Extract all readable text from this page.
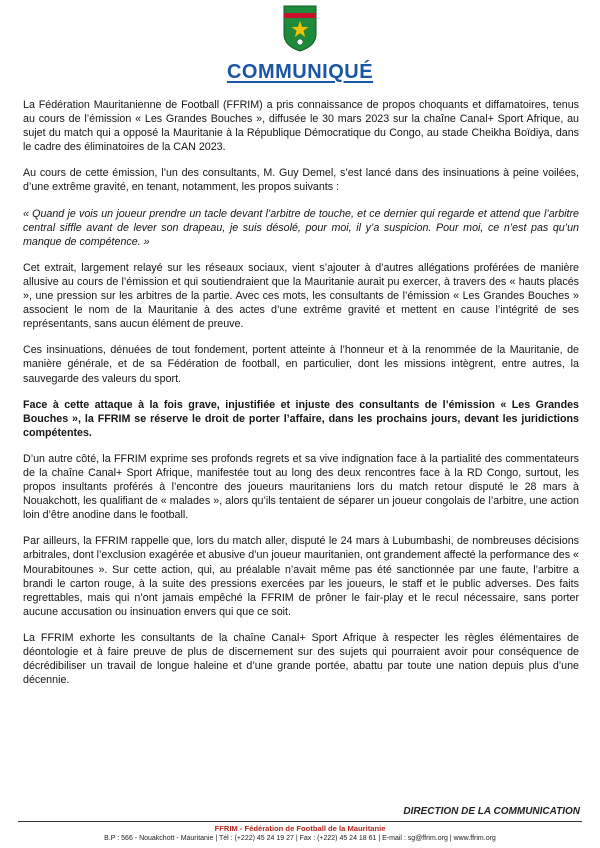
COMMUNIQUÉ

La Fédération Mauritanienne de Football (FFRIM) a pris connaissance de propos choquants et diffamatoires, tenus au cours de l’émission « Les Grandes Bouches », diffusée le 30 mars 2023 sur la chaîne Canal+ Sport Afrique, au sujet du match qui a opposé la Mauritanie à la République Démocratique du Congo, au stade Cheikha Boïdiya, dans le cadre des éliminatoires de la CAN 2023.

Au cours de cette émission, l’un des consultants, M. Guy Demel, s’est lancé dans des insinuations à peine voilées, d’une extrême gravité, en tenant, notamment, les propos suivants :

« Quand je vois un joueur prendre un tacle devant l’arbitre de touche, et ce dernier qui regarde et attend que l’arbitre central siffle avant de lever son drapeau, je suis désolé, pour moi, il y’a suspicion. Pour moi, ce n’est pas qu’un manque de compétence. »

Cet extrait, largement relayé sur les réseaux sociaux, vient s’ajouter à d’autres allégations proférées de manière allusive au cours de l’émission et qui soutiendraient que la Mauritanie aurait pu exercer, à travers des « hauts placés », une pression sur les arbitres de la partie. Avec ces mots, les consultants de l’émission « Les Grandes Bouches » associent le nom de la Mauritanie à des actes d’une extrême gravité et mettent en cause l’intégrité de ses représentants, sans aucun élément de preuve.

Ces insinuations, dénuées de tout fondement, portent atteinte à l’honneur et à la renommée de la Mauritanie, de manière générale, et de sa Fédération de football, en particulier, dont les missions intègrent, entre autres, la sauvegarde des valeurs du sport.

Face à cette attaque à la fois grave, injustifiée et injuste des consultants de l’émission « Les Grandes Bouches », la FFRIM se réserve le droit de porter l’affaire, dans les prochains jours, devant les juridictions compétentes.

D’un autre côté, la FFRIM exprime ses profonds regrets et sa vive indignation face à la partialité des commentateurs de la chaîne Canal+ Sport Afrique, manifestée tout au long des deux rencontres face à la RD Congo, surtout, les propos insultants proférés à l’encontre des joueurs mauritaniens lors du match retour disputé le 28 mars à Nouakchott, les qualifiant de « malades », alors qu’ils tentaient de séparer un joueur congolais de l’arbitre, une action loin d’être anodine dans le football.

Par ailleurs, la FFRIM rappelle que, lors du match aller, disputé le 24 mars à Lubumbashi, de nombreuses décisions arbitrales, dont l’exclusion exagérée et abusive d’un joueur mauritanien, ont grandement affecté la performance des « Mourabitounes ». Sur cette action, qui, au préalable n’avait même pas été sanctionnée par une faute, l’arbitre a brandi le carton rouge, à la suite des pressions exercées par les joueurs, le staff et le public adverses. Des faits regrettables, mais qui n’ont jamais empêché la FFRIM de prôner le fair-play et le recul nécessaire, sans porter aucune accusation ou insinuation envers qui que ce soit.

La FFRIM exhorte les consultants de la chaîne Canal+ Sport Afrique à respecter les règles élémentaires de déontologie et à faire preuve de plus de discernement sur des sujets qui pourraient avoir pour conséquence de décrédibiliser un travail de longue haleine et d’une grande portée, abattu par toute une nation depuis plus d’une décennie.

DIRECTION DE LA COMMUNICATION
FFRIM - Fédération de Football de la Mauritanie
B.P : 566 - Nouakchott - Mauritanie | Tél : (+222) 45 24 19 27 | Fax : (+222) 45 24 18 61 | E-mail : sg@ffrim.org | www.ffrim.org
